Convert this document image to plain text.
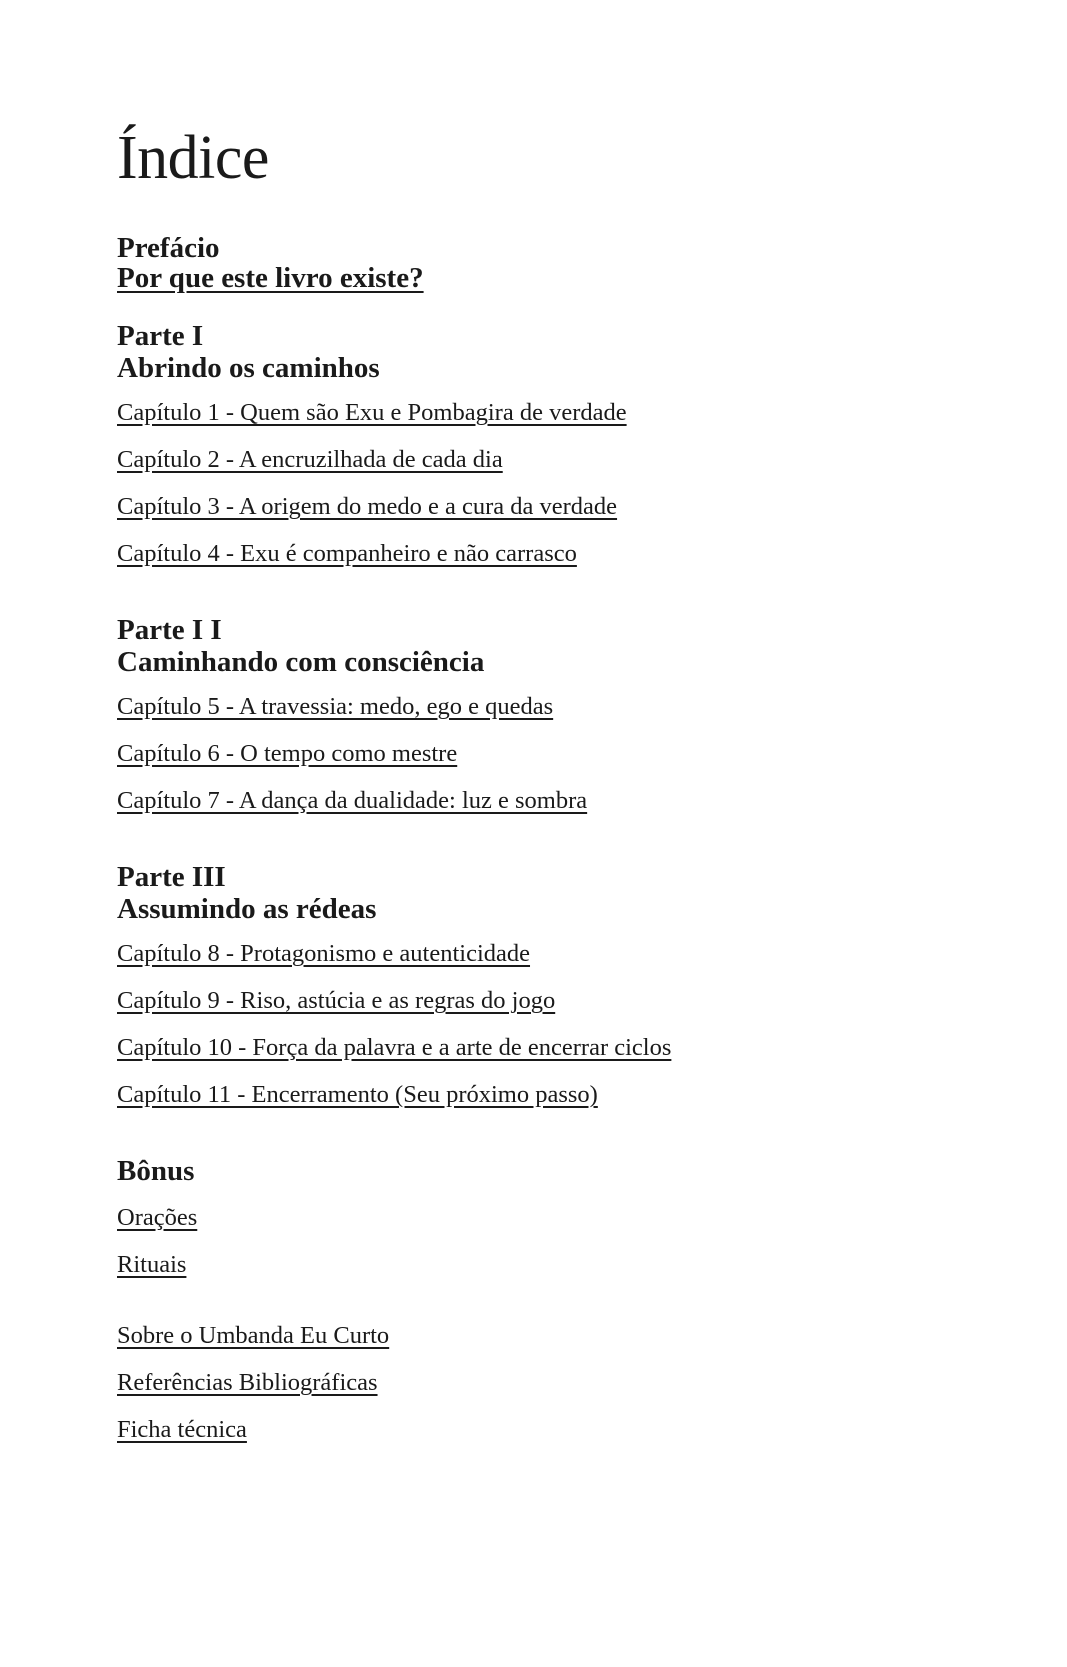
Índice
Prefácio
Por que este livro existe?
Parte I
Abrindo os caminhos
Capítulo 1 - Quem são Exu e Pombagira de verdade
Capítulo 2 - A encruzilhada de cada dia
Capítulo 3 - A origem do medo e a cura da verdade
Capítulo 4 - Exu é companheiro e não carrasco
Parte I I
Caminhando com consciência
Capítulo 5 - A travessia: medo, ego e quedas
Capítulo 6 - O tempo como mestre
Capítulo 7 - A dança da dualidade: luz e sombra
Parte III
Assumindo as rédeas
Capítulo 8 - Protagonismo e autenticidade
Capítulo 9 - Riso, astúcia e as regras do jogo
Capítulo 10 - Força da palavra e a arte de encerrar ciclos
Capítulo 11 - Encerramento (Seu próximo passo)
Bônus
Orações
Rituais
Sobre o Umbanda Eu Curto
Referências Bibliográficas
Ficha técnica
